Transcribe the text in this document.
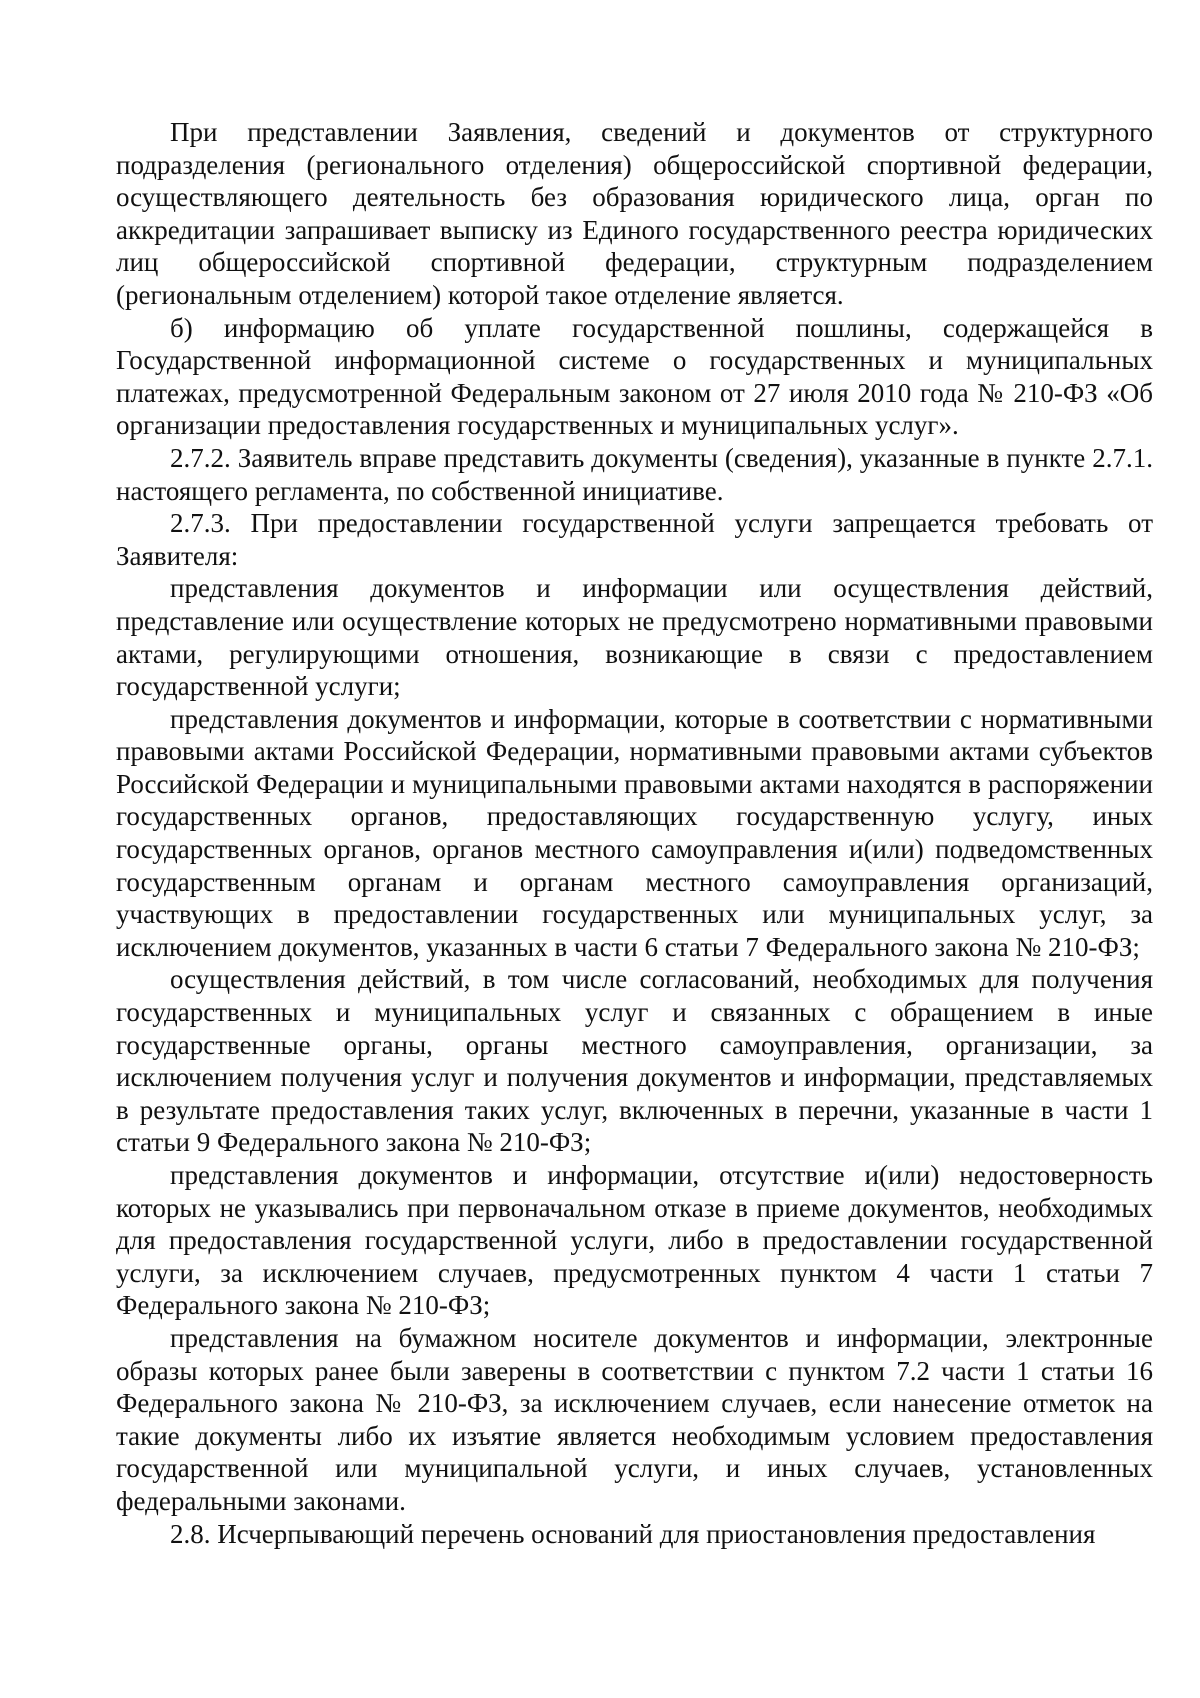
При представлении Заявления, сведений и документов от структурного подразделения (регионального отделения) общероссийской спортивной федерации, осуществляющего деятельность без образования юридического лица, орган по аккредитации запрашивает выписку из Единого государственного реестра юридических лиц общероссийской спортивной федерации, структурным подразделением (региональным отделением) которой такое отделение является.

б) информацию об уплате государственной пошлины, содержащейся в Государственной информационной системе о государственных и муниципальных платежах, предусмотренной Федеральным законом от 27 июля 2010 года № 210-ФЗ «Об организации предоставления государственных и муниципальных услуг».

2.7.2. Заявитель вправе представить документы (сведения), указанные в пункте 2.7.1. настоящего регламента, по собственной инициативе.

2.7.3. При предоставлении государственной услуги запрещается требовать от Заявителя:

представления документов и информации или осуществления действий, представление или осуществление которых не предусмотрено нормативными правовыми актами, регулирующими отношения, возникающие в связи с предоставлением государственной услуги;

представления документов и информации, которые в соответствии с нормативными правовыми актами Российской Федерации, нормативными правовыми актами субъектов Российской Федерации и муниципальными правовыми актами находятся в распоряжении государственных органов, предоставляющих государственную услугу, иных государственных органов, органов местного самоуправления и(или) подведомственных государственным органам и органам местного самоуправления организаций, участвующих в предоставлении государственных или муниципальных услуг, за исключением документов, указанных в части 6 статьи 7 Федерального закона № 210-ФЗ;

осуществления действий, в том числе согласований, необходимых для получения государственных и муниципальных услуг и связанных с обращением в иные государственные органы, органы местного самоуправления, организации, за исключением получения услуг и получения документов и информации, представляемых в результате предоставления таких услуг, включенных в перечни, указанные в части 1 статьи 9 Федерального закона № 210-ФЗ;

представления документов и информации, отсутствие и(или) недостоверность которых не указывались при первоначальном отказе в приеме документов, необходимых для предоставления государственной услуги, либо в предоставлении государственной услуги, за исключением случаев, предусмотренных пунктом 4 части 1 статьи 7 Федерального закона № 210-ФЗ;

представления на бумажном носителе документов и информации, электронные образы которых ранее были заверены в соответствии с пунктом 7.2 части 1 статьи 16 Федерального закона № 210-ФЗ, за исключением случаев, если нанесение отметок на такие документы либо их изъятие является необходимым условием предоставления государственной или муниципальной услуги, и иных случаев, установленных федеральными законами.

2.8. Исчерпывающий перечень оснований для приостановления предоставления
